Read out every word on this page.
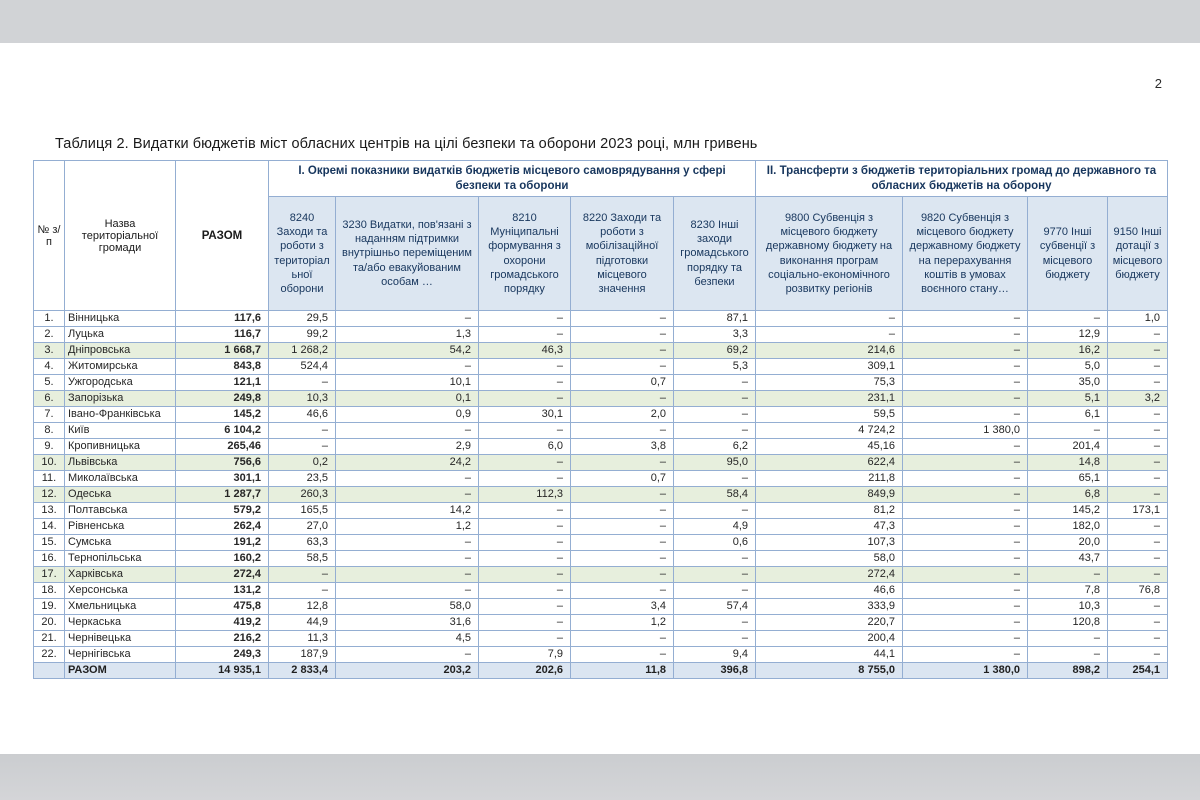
2
Таблиця 2. Видатки бюджетів міст обласних центрів на цілі безпеки та оборони 2023 році, млн гривень
№ з/п	Назва територіальної громади	РАЗОМ	I. Окремі показники видатків бюджетів місцевого самоврядування у сфері безпеки та оборони					II. Трансферти з бюджетів територіальних громад до державного та обласних бюджетів на оборону			
			8240 Заходи та роботи з територіальної оборони	3230 Видатки, пов'язані з наданням підтримки внутрішньо переміщеним та/або евакуйованим особам …	8210 Муніципальні формування з охорони громадського порядку	8220 Заходи та роботи з мобілізаційної підготовки місцевого значення	8230 Інші заходи громадського порядку та безпеки	9800 Субвенція з місцевого бюджету державному бюджету на виконання програм соціально-економічного розвитку регіонів	9820 Субвенція з місцевого бюджету державному бюджету на перерахування коштів в умовах воєнного стану…	9770 Інші субвенції з місцевого бюджету	9150 Інші дотації з місцевого бюджету
1.	Вінницька	117,6	29,5	–	–	–	87,1	–	–	–	1,0
2.	Луцька	116,7	99,2	1,3	–	–	3,3	–	–	12,9	–
3.	Дніпровська	1 668,7	1 268,2	54,2	46,3	–	69,2	214,6	–	16,2	–
4.	Житомирська	843,8	524,4	–	–	–	5,3	309,1	–	5,0	–
5.	Ужгородська	121,1	–	10,1	–	0,7	–	75,3	–	35,0	–
6.	Запорізька	249,8	10,3	0,1	–	–	–	231,1	–	5,1	3,2
7.	Івано-Франківська	145,2	46,6	0,9	30,1	2,0	–	59,5	–	6,1	–
8.	Київ	6 104,2	–	–	–	–	–	4 724,2	1 380,0	–	–
9.	Кропивницька	265,46	–	2,9	6,0	3,8	6,2	45,16	–	201,4	–
10.	Львівська	756,6	0,2	24,2	–	–	95,0	622,4	–	14,8	–
11.	Миколаївська	301,1	23,5	–	–	0,7	–	211,8	–	65,1	–
12.	Одеська	1 287,7	260,3	–	112,3	–	58,4	849,9	–	6,8	–
13.	Полтавська	579,2	165,5	14,2	–	–	–	81,2	–	145,2	173,1
14.	Рівненська	262,4	27,0	1,2	–	–	4,9	47,3	–	182,0	–
15.	Сумська	191,2	63,3	–	–	–	0,6	107,3	–	20,0	–
16.	Тернопільська	160,2	58,5	–	–	–	–	58,0	–	43,7	–
17.	Харківська	272,4	–	–	–	–	–	272,4	–	–	–
18.	Херсонська	131,2	–	–	–	–	–	46,6	–	7,8	76,8
19.	Хмельницька	475,8	12,8	58,0	–	3,4	57,4	333,9	–	10,3	–
20.	Черкаська	419,2	44,9	31,6	–	1,2	–	220,7	–	120,8	–
21.	Чернівецька	216,2	11,3	4,5	–	–	–	200,4	–	–	–
22.	Чернігівська	249,3	187,9	–	7,9	–	9,4	44,1	–	–	–
	РАЗОМ	14 935,1	2 833,4	203,2	202,6	11,8	396,8	8 755,0	1 380,0	898,2	254,1
